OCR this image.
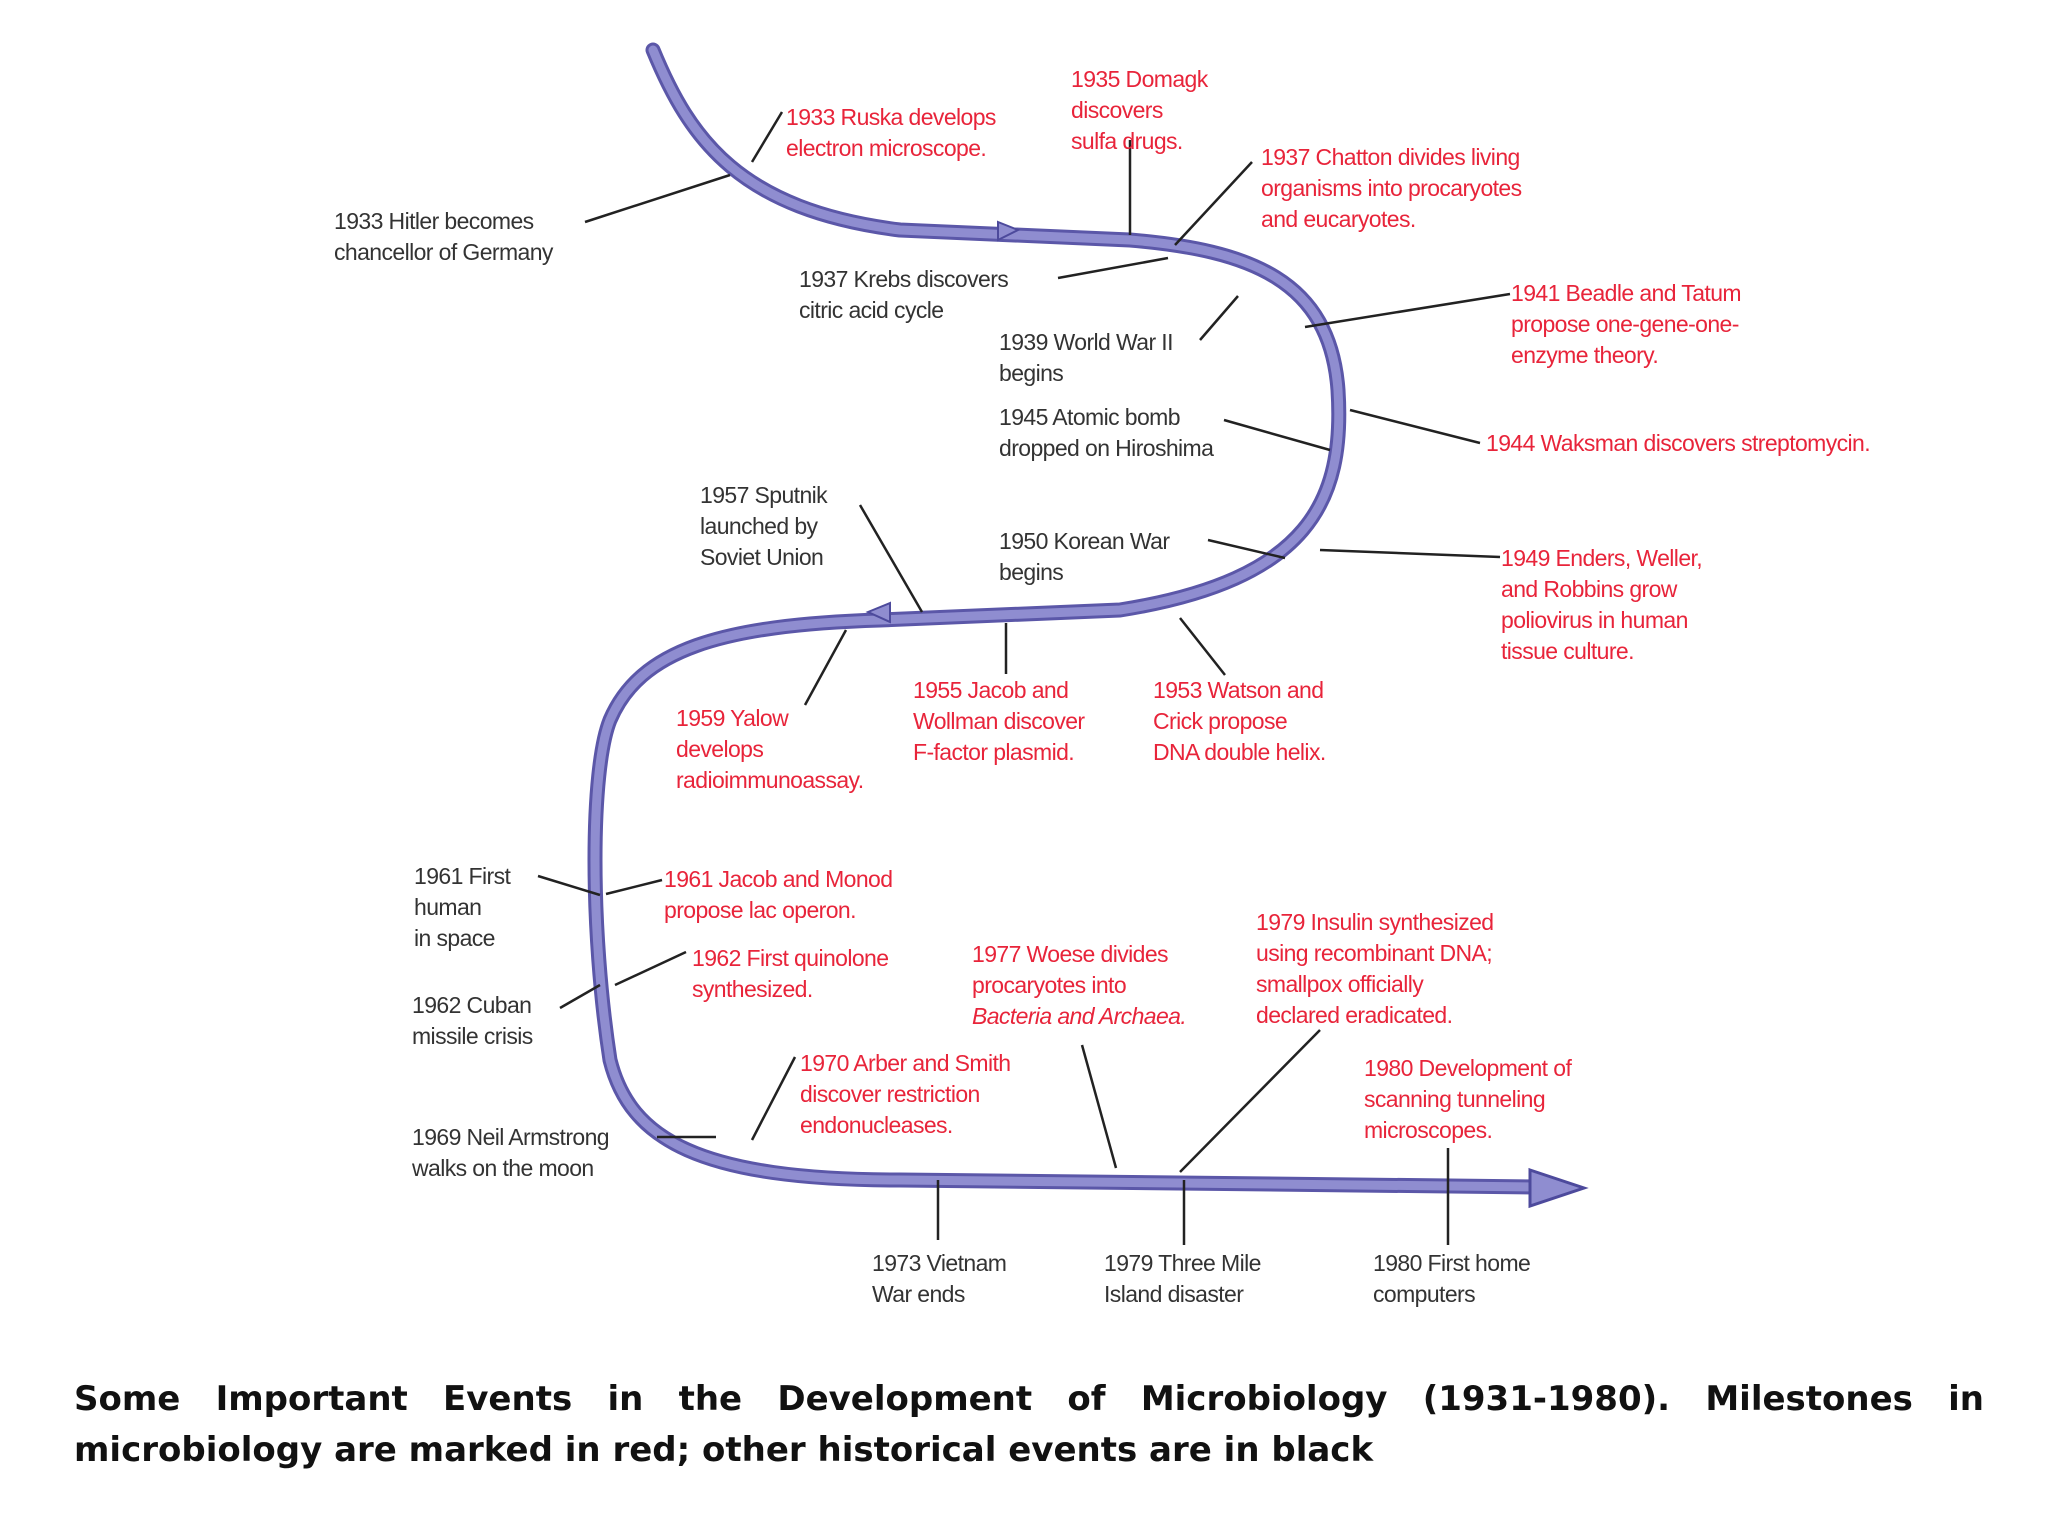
1933 Ruska develops
electron microscope.
1935 Domagk
discovers
sulfa drugs.
1933 Hitler becomes
chancellor of Germany
1937 Chatton divides living
organisms into procaryotes
and eucaryotes.
1937 Krebs discovers
citric acid cycle
1941 Beadle and Tatum
propose one-gene-one-
enzyme theory.
1939 World War II
begins
1945 Atomic bomb
dropped on Hiroshima	1944 Waksman discovers streptomycin.
1957 Sputnik
launched by
Soviet Union
1950 Korean War
begins
1949 Enders, Weller,
and Robbins grow
poliovirus in human
tissue culture.
1959 Yalow
develops
radioimmunoassay.
1955 Jacob and
Wollman discover
F-factor plasmid.
1953 Watson and
Crick propose
DNA double helix.
1961 First
human
in space
1961 Jacob and Monod
propose lac operon.
1962 First quinolone
synthesized.
1977 Woese divides
procaryotes into
Bacteria and Archaea.
1979 Insulin synthesized
using recombinant DNA;
smallpox officially
declared eradicated.
1962 Cuban
missile crisis
1970 Arber and Smith
discover restriction
endonucleases.
1980 Development of
scanning tunneling
microscopes.
1969 Neil Armstrong
walks on the moon
1973 Vietnam
War ends
1979 Three Mile
Island disaster
1980 First home
computers
Some Important Events in the Development of Microbiology (1931-1980). Milestones in microbiology are marked in red; other historical events are in black
